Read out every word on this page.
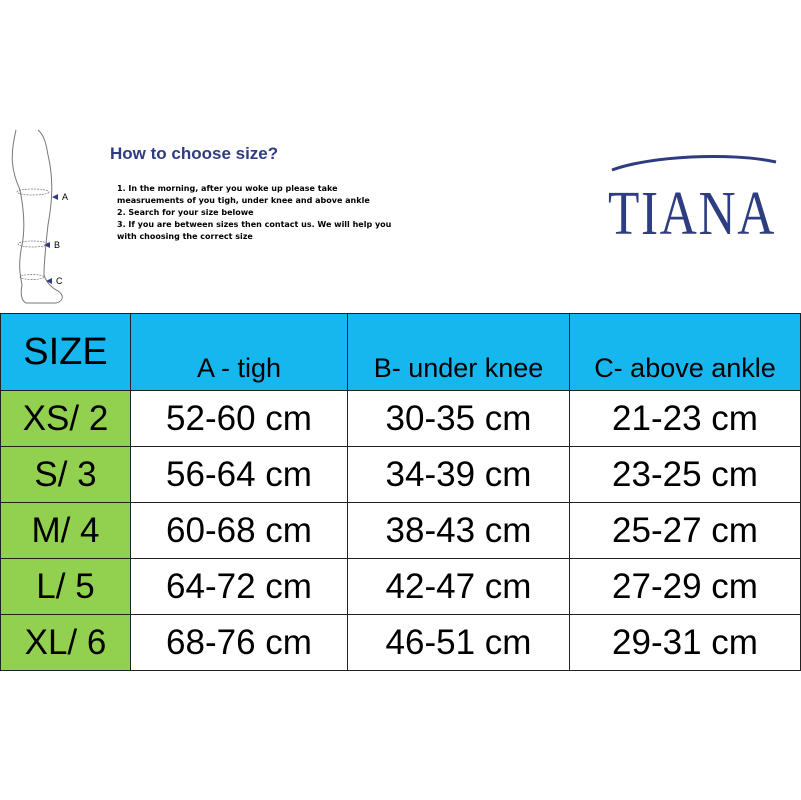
A
B
C
How to choose size?
1. In the morning, after you woke up please take
measruements of you tigh, under knee and above ankle
2. Search for your size belowe
3. If you are between sizes then contact us. We will help you
with choosing the correct size	TIANA
SIZE	A - tigh	B- under knee	C- above ankle
XS/ 2	52-60 cm	30-35 cm	21-23 cm
S/ 3	56-64 cm	34-39 cm	23-25 cm
M/ 4	60-68 cm	38-43 cm	25-27 cm
L/ 5	64-72 cm	42-47 cm	27-29 cm
XL/ 6	68-76 cm	46-51 cm	29-31 cm
